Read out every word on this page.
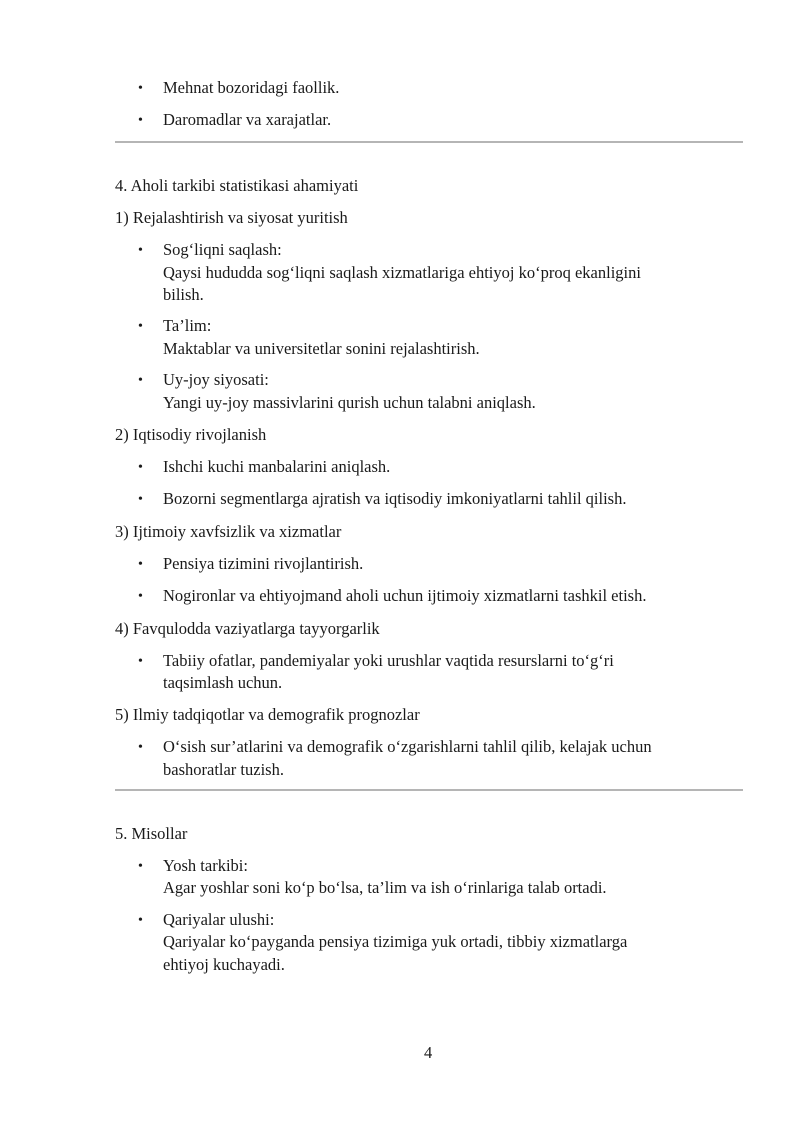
• Mehnat bozoridagi faollik.
• Daromadlar va xarajatlar.
4. Aholi tarkibi statistikasi ahamiyati
1) Rejalashtirish va siyosat yuritish
• Sog‘liqni saqlash:
Qaysi hududda sog‘liqni saqlash xizmatlariga ehtiyoj ko‘proq ekanligini
bilish.
• Ta’lim:
Maktablar va universitetlar sonini rejalashtirish.
• Uy-joy siyosati:
Yangi uy-joy massivlarini qurish uchun talabni aniqlash.
2) Iqtisodiy rivojlanish
• Ishchi kuchi manbalarini aniqlash.
• Bozorni segmentlarga ajratish va iqtisodiy imkoniyatlarni tahlil qilish.
3) Ijtimoiy xavfsizlik va xizmatlar
• Pensiya tizimini rivojlantirish.
• Nogironlar va ehtiyojmand aholi uchun ijtimoiy xizmatlarni tashkil etish.
4) Favqulodda vaziyatlarga tayyorgarlik
• Tabiiy ofatlar, pandemiyalar yoki urushlar vaqtida resurslarni to‘g‘ri
taqsimlash uchun.
5) Ilmiy tadqiqotlar va demografik prognozlar
• O‘sish sur’atlarini va demografik o‘zgarishlarni tahlil qilib, kelajak uchun
bashoratlar tuzish.
5. Misollar
• Yosh tarkibi:
Agar yoshlar soni ko‘p bo‘lsa, ta’lim va ish o‘rinlariga talab ortadi.
• Qariyalar ulushi:
Qariyalar ko‘payganda pensiya tizimiga yuk ortadi, tibbiy xizmatlarga
ehtiyoj kuchayadi.
4
